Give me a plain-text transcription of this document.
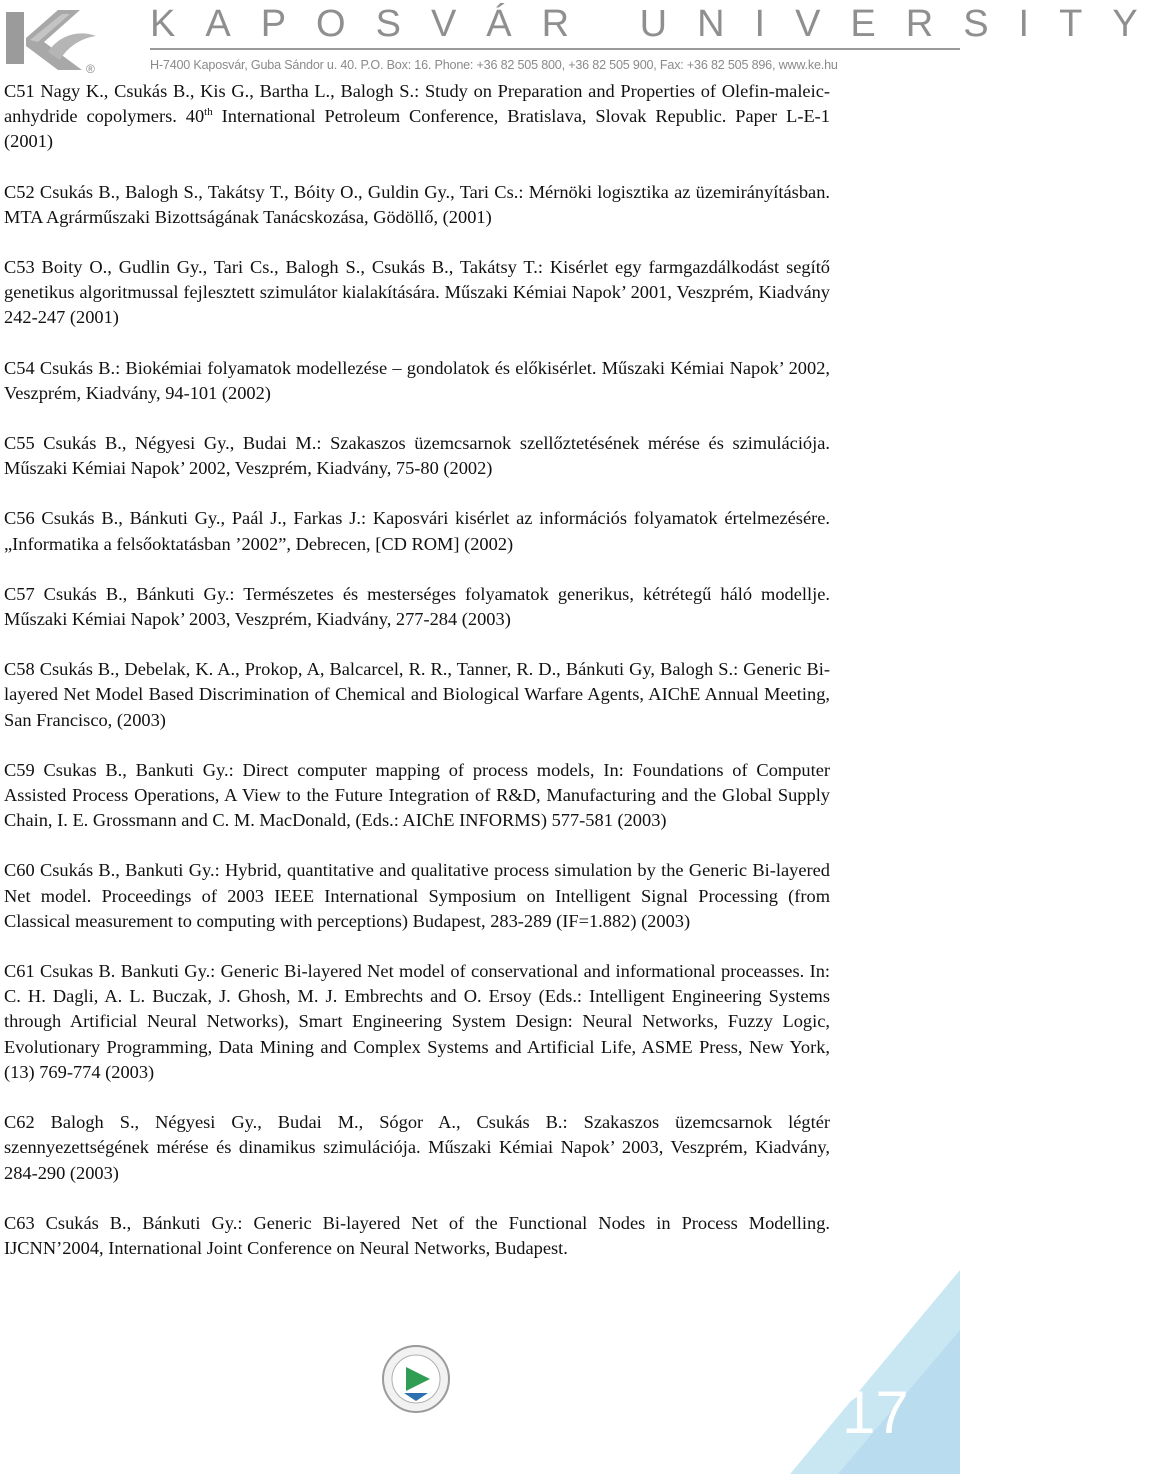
®
KAPOSVÁR UNIVERSITY
H-7400 Kaposvár, Guba Sándor u. 40. P.O. Box: 16. Phone: +36 82 505 800, +36 82 505 900, Fax: +36 82 505 896, www.ke.hu

C51 Nagy K., Csukás B., Kis G., Bartha L., Balogh S.: Study on Preparation and Properties of Olefin-maleic-anhydride copolymers. 40th International Petroleum Conference, Bratislava, Slovak Republic. Paper L-E-1 (2001)

C52 Csukás B., Balogh S., Takátsy T., Bóity O., Guldin Gy., Tari Cs.: Mérnöki logisztika az üzemirányításban. MTA Agrárműszaki Bizottságának Tanácskozása, Gödöllő, (2001)

C53 Boity O., Gudlin Gy., Tari Cs., Balogh S., Csukás B., Takátsy T.: Kisérlet egy farmgazdálkodást segítő genetikus algoritmussal fejlesztett szimulátor kialakítására. Műszaki Kémiai Napok’ 2001, Veszprém, Kiadvány 242-247 (2001)

C54 Csukás B.: Biokémiai folyamatok modellezése – gondolatok és előkisérlet. Műszaki Kémiai Napok’ 2002, Veszprém, Kiadvány, 94-101 (2002)

C55 Csukás B., Négyesi Gy., Budai M.: Szakaszos üzemcsarnok szellőztetésének mérése és szimulációja. Műszaki Kémiai Napok’ 2002, Veszprém, Kiadvány, 75-80 (2002)

C56 Csukás B., Bánkuti Gy., Paál J., Farkas J.: Kaposvári kisérlet az információs folyamatok értelmezésére. „Informatika a felsőoktatásban ’2002”, Debrecen, [CD ROM] (2002)

C57 Csukás B., Bánkuti Gy.: Természetes és mesterséges folyamatok generikus, kétrétegű háló modellje. Műszaki Kémiai Napok’ 2003, Veszprém, Kiadvány, 277-284 (2003)

C58 Csukás B., Debelak, K. A., Prokop, A, Balcarcel, R. R., Tanner, R. D., Bánkuti Gy, Balogh S.: Generic Bi-layered Net Model Based Discrimination of Chemical and Biological Warfare Agents, AIChE Annual Meeting, San Francisco, (2003)

C59 Csukas B., Bankuti Gy.: Direct computer mapping of process models, In: Foundations of Computer Assisted Process Operations, A View to the Future Integration of R&D, Manufacturing and the Global Supply Chain, I. E. Grossmann and C. M. MacDonald, (Eds.: AIChE INFORMS) 577-581 (2003)

C60 Csukás B., Bankuti Gy.: Hybrid, quantitative and qualitative process simulation by the Generic Bi-layered Net model. Proceedings of 2003 IEEE International Symposium on Intelligent Signal Processing (from Classical measurement to computing with perceptions) Budapest, 283-289 (IF=1.882) (2003)

C61 Csukas B. Bankuti Gy.: Generic Bi-layered Net model of conservational and informational proceasses. In: C. H. Dagli, A. L. Buczak, J. Ghosh, M. J. Embrechts and O. Ersoy (Eds.: Intelligent Engineering Systems through Artificial Neural Networks), Smart Engineering System Design: Neural Networks, Fuzzy Logic, Evolutionary Programming, Data Mining and Complex Systems and Artificial Life, ASME Press, New York, (13) 769-774 (2003)

C62 Balogh S., Négyesi Gy., Budai M., Sógor A., Csukás B.: Szakaszos üzemcsarnok légtér szennyezettségének mérése és dinamikus szimulációja. Műszaki Kémiai Napok’ 2003, Veszprém, Kiadvány, 284-290 (2003)

C63 Csukás B., Bánkuti Gy.: Generic Bi-layered Net of the Functional Nodes in Process Modelling. IJCNN’2004, International Joint Conference on Neural Networks, Budapest.

17
